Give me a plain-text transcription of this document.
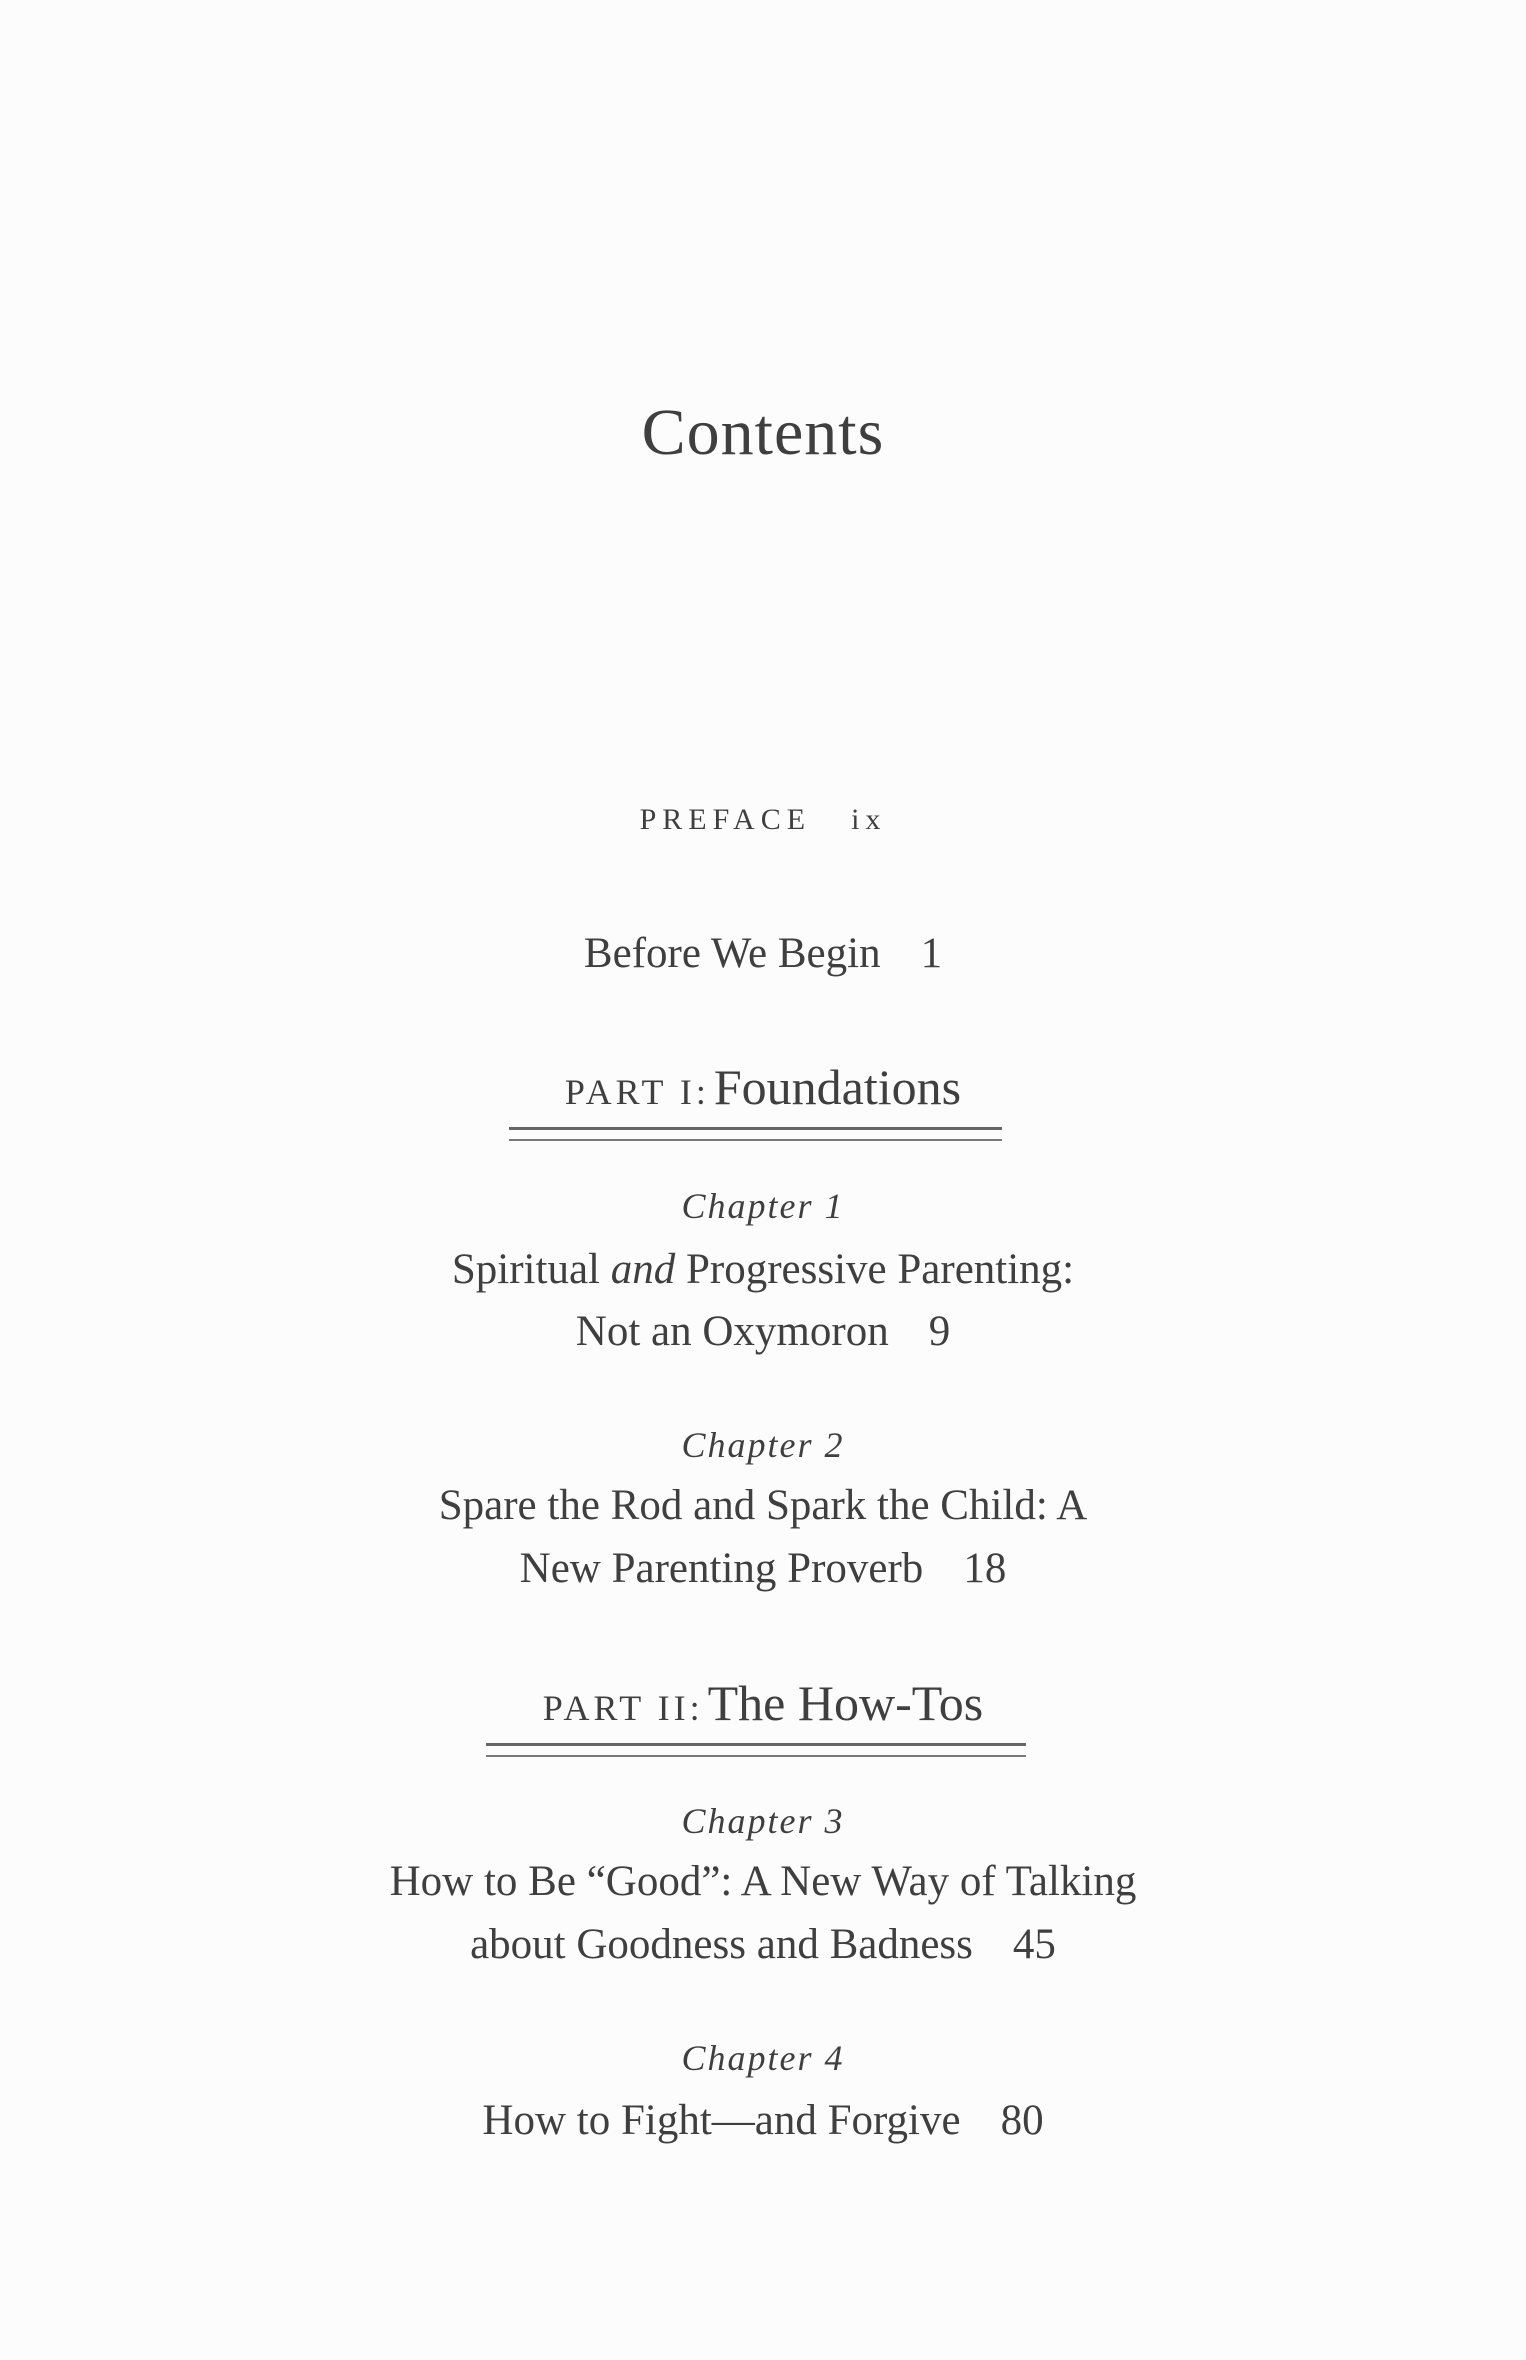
Contents
PREFACE ix
Before We Begin 1
PART I: Foundations
Chapter 1
Spiritual and Progressive Parenting:
Not an Oxymoron 9
Chapter 2
Spare the Rod and Spark the Child: A
New Parenting Proverb 18
PART II: The How-Tos
Chapter 3
How to Be “Good”: A New Way of Talking
about Goodness and Badness 45
Chapter 4
How to Fight—and Forgive 80
